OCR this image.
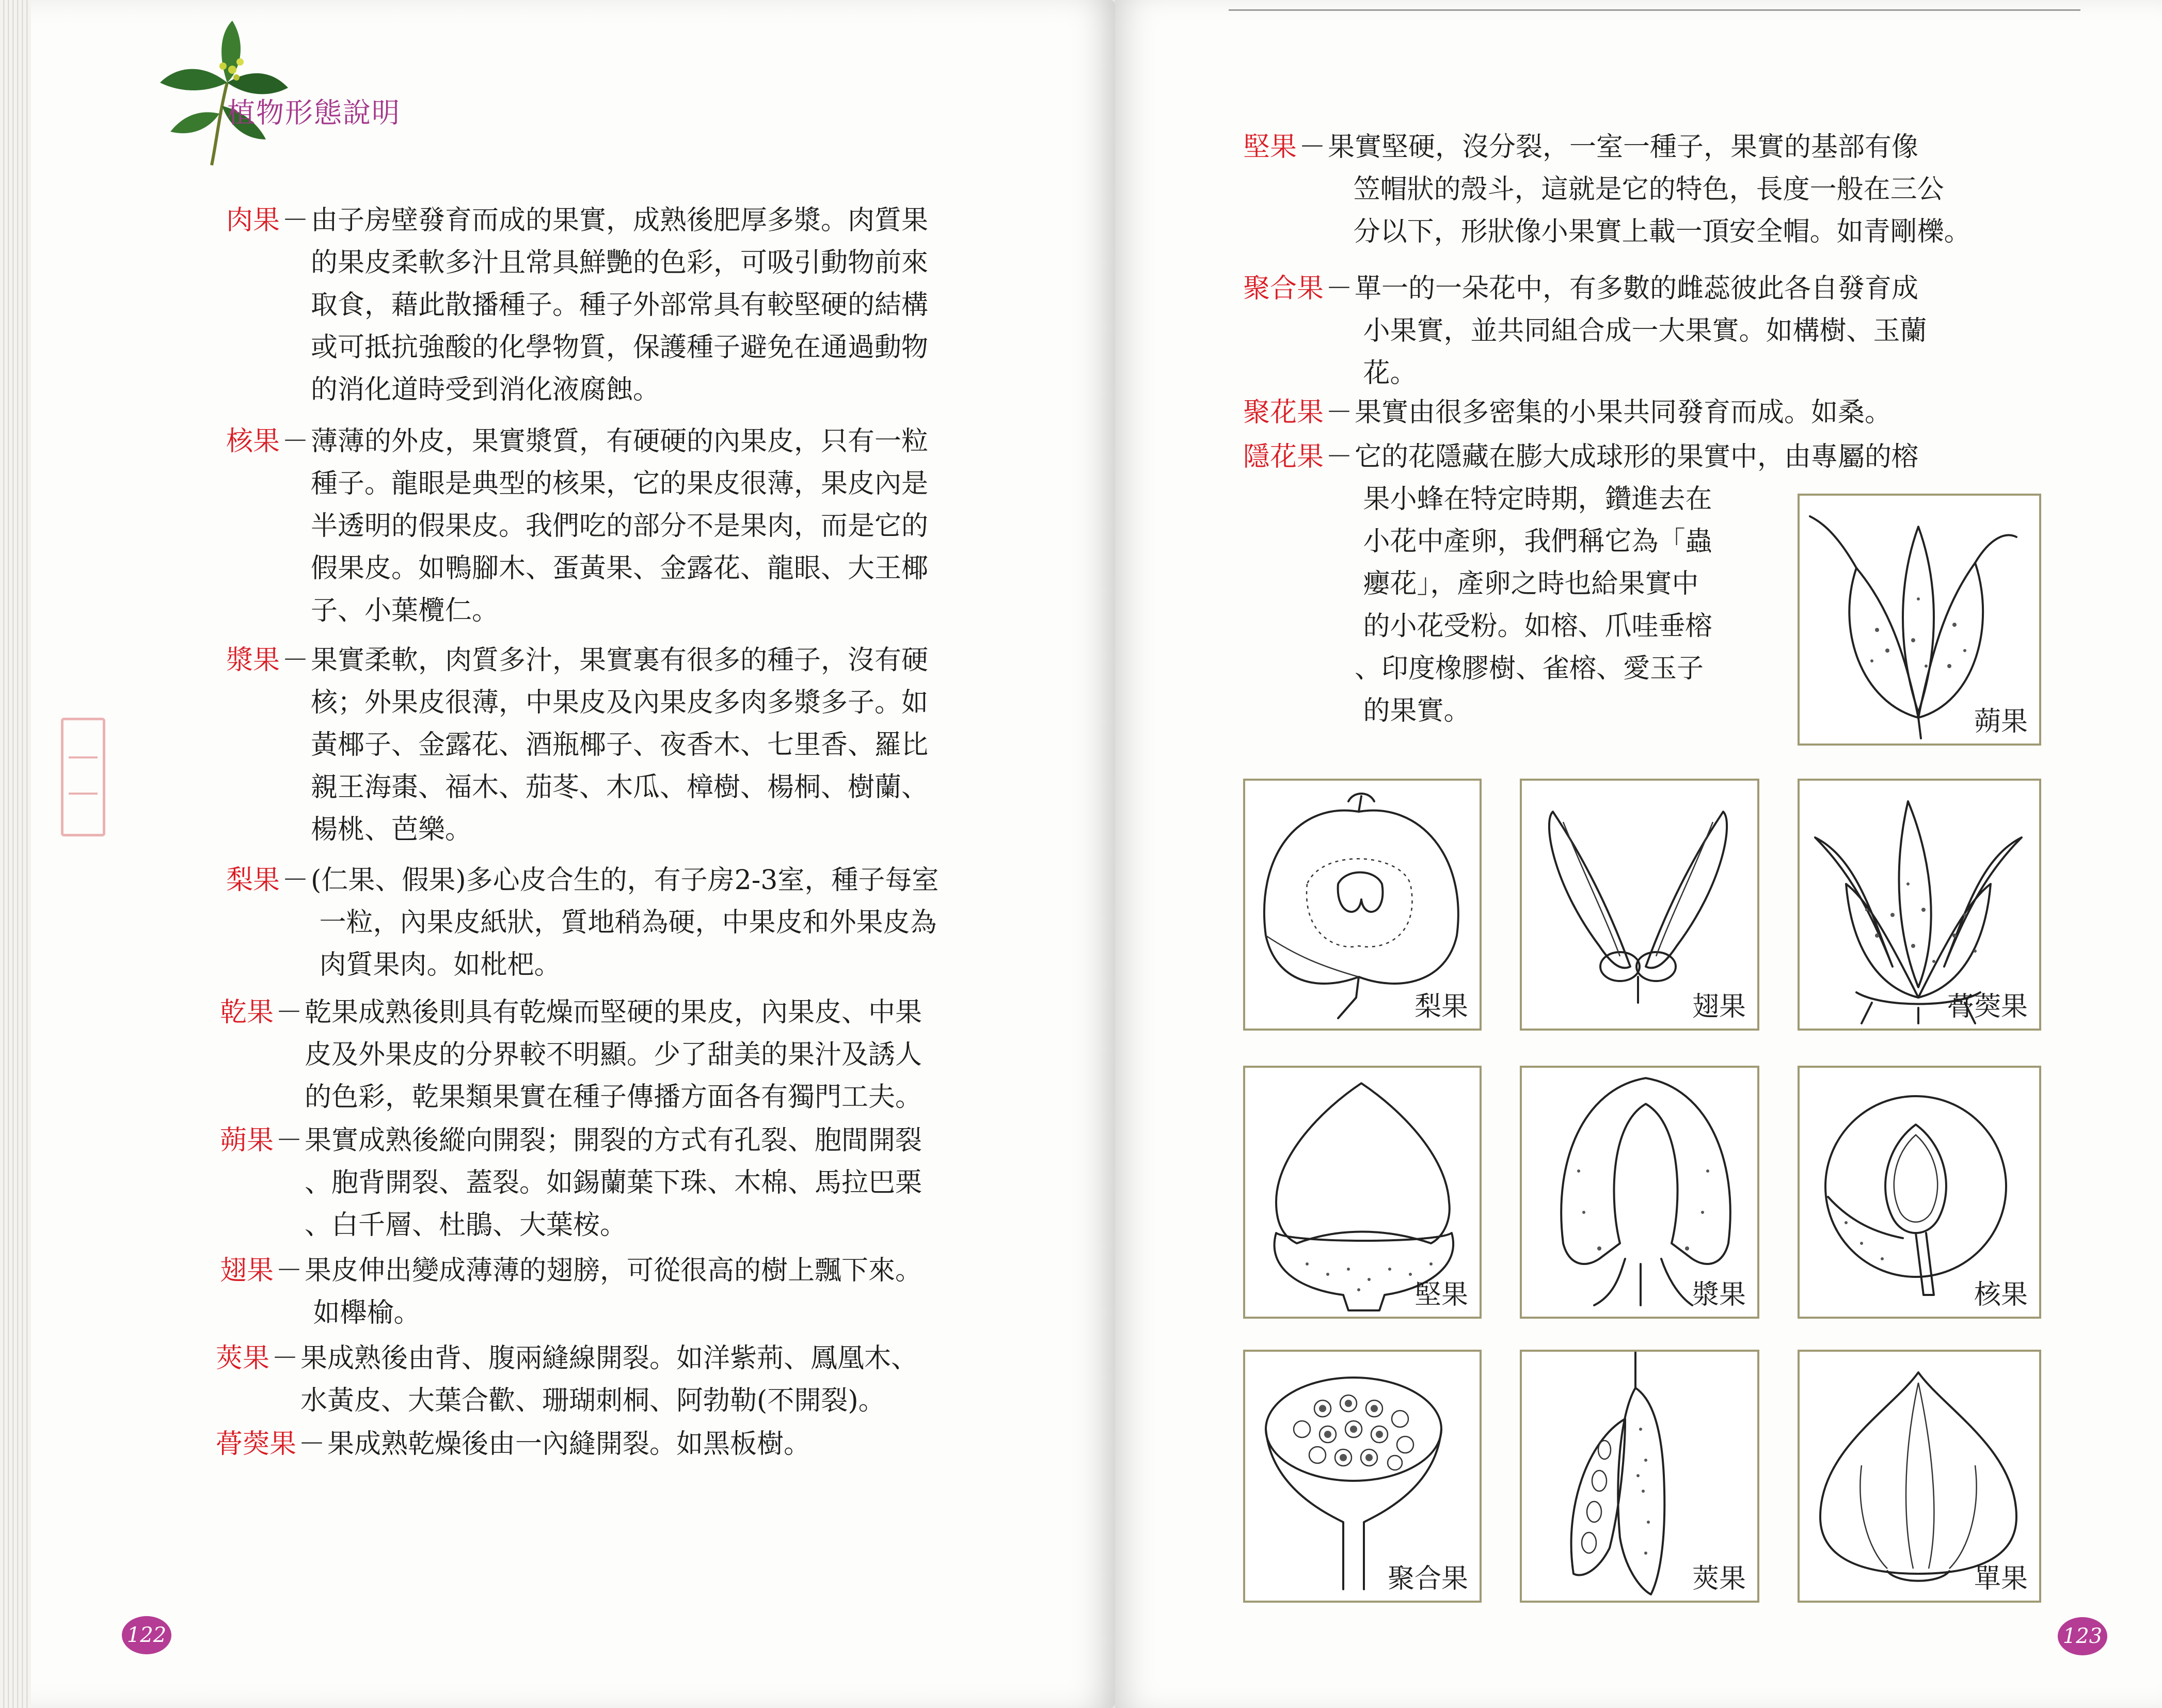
植物形態說明
肉果 － 由子房壁發育而成的果實，成熟後肥厚多漿。肉質果
的果皮柔軟多汁且常具鮮艷的色彩，可吸引動物前來
取食，藉此散播種子。種子外部常具有較堅硬的結構
或可抵抗強酸的化學物質，保護種子避免在通過動物
的消化道時受到消化液腐蝕。
核果 － 薄薄的外皮，果實漿質，有硬硬的內果皮，只有一粒
種子。龍眼是典型的核果，它的果皮很薄，果皮內是
半透明的假果皮。我們吃的部分不是果肉，而是它的
假果皮。如鴨腳木、蛋黃果、金露花、龍眼、大王椰
子、小葉欖仁。
漿果 － 果實柔軟，肉質多汁，果實裏有很多的種子，沒有硬
核；外果皮很薄，中果皮及內果皮多肉多漿多子。如
黃椰子、金露花、酒瓶椰子、夜香木、七里香、羅比
親王海棗、福木、茄苳、木瓜、樟樹、楊桐、樹蘭、
楊桃、芭樂。
梨果 － (仁果、假果)多心皮合生的，有子房2-3室，種子每室
一粒，內果皮紙狀，質地稍為硬，中果皮和外果皮為
肉質果肉。如枇杷。
乾果 － 乾果成熟後則具有乾燥而堅硬的果皮，內果皮、中果
皮及外果皮的分界較不明顯。少了甜美的果汁及誘人
的色彩，乾果類果實在種子傳播方面各有獨門工夫。
蒴果 － 果實成熟後縱向開裂；開裂的方式有孔裂、胞間開裂
、胞背開裂、蓋裂。如錫蘭葉下珠、木棉、馬拉巴栗
、白千層、杜鵑、大葉桉。
翅果 － 果皮伸出變成薄薄的翅膀，可從很高的樹上飄下來。
如櫸榆。
莢果 － 果成熟後由背、腹兩縫線開裂。如洋紫荊、鳳凰木、
水黃皮、大葉合歡、珊瑚刺桐、阿勃勒(不開裂)。
蓇葖果 － 果成熟乾燥後由一內縫開裂。如黑板樹。
122
堅果 － 果實堅硬，沒分裂，一室一種子，果實的基部有像
笠帽狀的殼斗，這就是它的特色，長度一般在三公
分以下，形狀像小果實上載一頂安全帽。如青剛櫟。
聚合果 － 單一的一朵花中，有多數的雌蕊彼此各自發育成
小果實，並共同組合成一大果實。如構樹、玉蘭
花。
聚花果 － 果實由很多密集的小果共同發育而成。如桑。
隱花果 － 它的花隱藏在膨大成球形的果實中，由專屬的榕
果小蜂在特定時期，鑽進去在
小花中產卵，我們稱它為「蟲
癭花」，產卵之時也給果實中
的小花受粉。如榕、爪哇垂榕
、印度橡膠樹、雀榕、愛玉子
的果實。	蒴果
梨果	翅果	蓇葖果
堅果	漿果	核果
聚合果	莢果	單果
123
